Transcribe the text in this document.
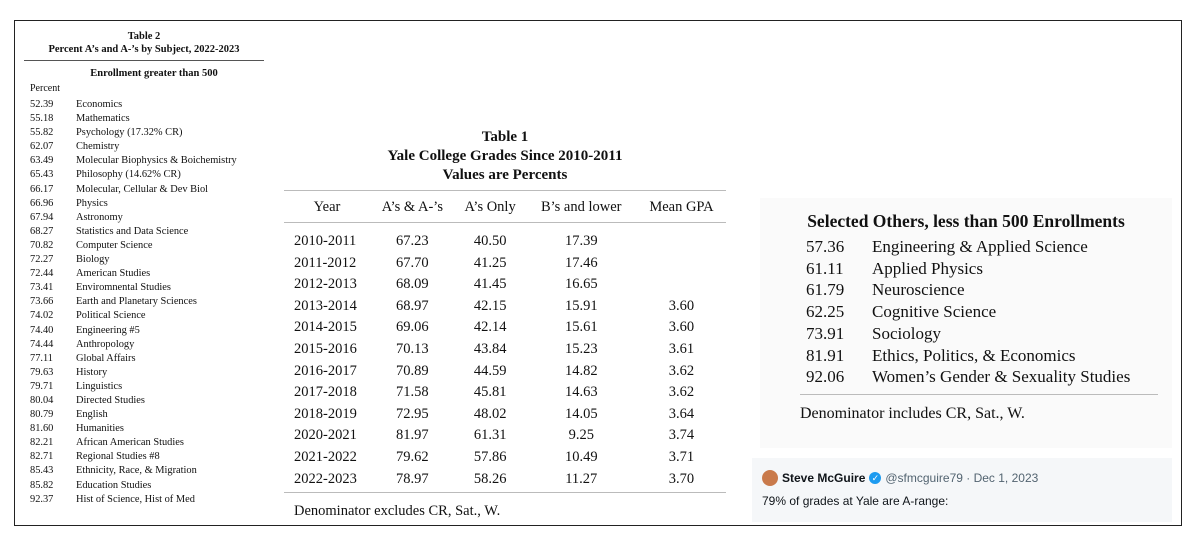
Table 2
Percent A’s and A-’s by Subject, 2022-2023
Enrollment greater than 500
Percent
52.39	Economics
55.18	Mathematics
55.82	Psychology (17.32% CR)
62.07	Chemistry
63.49	Molecular Biophysics & Boichemistry
65.43	Philosophy (14.62% CR)
66.17	Molecular, Cellular & Dev Biol
66.96	Physics
67.94	Astronomy
68.27	Statistics and Data Science
70.82	Computer Science
72.27	Biology
72.44	American Studies
73.41	Enviromnental Studies
73.66	Earth and Planetary Sciences
74.02	Political Science
74.40	Engineering #5
74.44	Anthropology
77.11	Global Affairs
79.63	History
79.71	Linguistics
80.04	Directed Studies
80.79	English
81.60	Humanities
82.21	African American Studies
82.71	Regional Studies #8
85.43	Ethnicity, Race, & Migration
85.82	Education Studies
92.37	Hist of Science, Hist of Med
Table 1
Yale College Grades Since 2010-2011
Values are Percents
Year	A’s & A-’s	A’s Only	B’s and lower	Mean GPA
2010-2011	67.23	40.50	17.39	
2011-2012	67.70	41.25	17.46	
2012-2013	68.09	41.45	16.65	
2013-2014	68.97	42.15	15.91	3.60
2014-2015	69.06	42.14	15.61	3.60
2015-2016	70.13	43.84	15.23	3.61
2016-2017	70.89	44.59	14.82	3.62
2017-2018	71.58	45.81	14.63	3.62
2018-2019	72.95	48.02	14.05	3.64
2020-2021	81.97	61.31	9.25	3.74
2021-2022	79.62	57.86	10.49	3.71
2022-2023	78.97	58.26	11.27	3.70
Denominator excludes CR, Sat., W.
Selected Others, less than 500 Enrollments
57.36	Engineering & Applied Science
61.11	Applied Physics
61.79	Neuroscience
62.25	Cognitive Science
73.91	Sociology
81.91	Ethics, Politics, & Economics
92.06	Women’s Gender & Sexuality Studies
Denominator includes CR, Sat., W.
Steve McGuire ✓ @sfmcguire79 · Dec 1, 2023
79% of grades at Yale are A-range:
